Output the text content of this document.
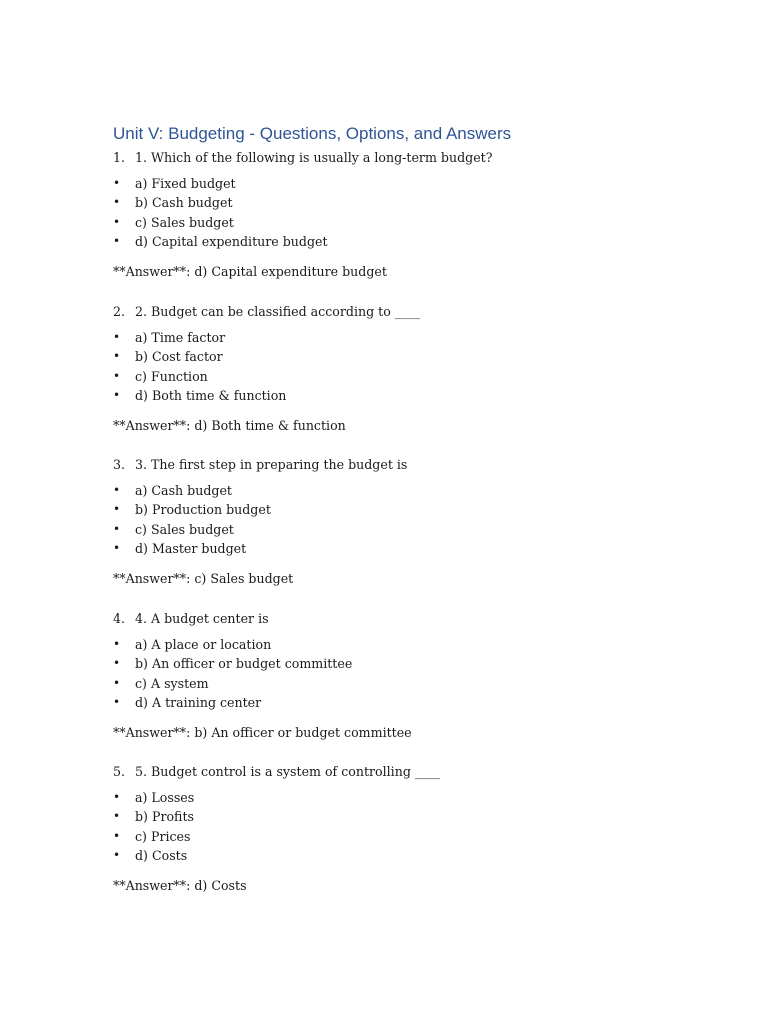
Unit V: Budgeting - Questions, Options, and Answers
1. 1. Which of the following is usually a long-term budget?
• a) Fixed budget
• b) Cash budget
• c) Sales budget
• d) Capital expenditure budget
**Answer**: d) Capital expenditure budget
2. 2. Budget can be classified according to ____
• a) Time factor
• b) Cost factor
• c) Function
• d) Both time & function
**Answer**: d) Both time & function
3. 3. The first step in preparing the budget is
• a) Cash budget
• b) Production budget
• c) Sales budget
• d) Master budget
**Answer**: c) Sales budget
4. 4. A budget center is
• a) A place or location
• b) An officer or budget committee
• c) A system
• d) A training center
**Answer**: b) An officer or budget committee
5. 5. Budget control is a system of controlling ____
• a) Losses
• b) Profits
• c) Prices
• d) Costs
**Answer**: d) Costs
